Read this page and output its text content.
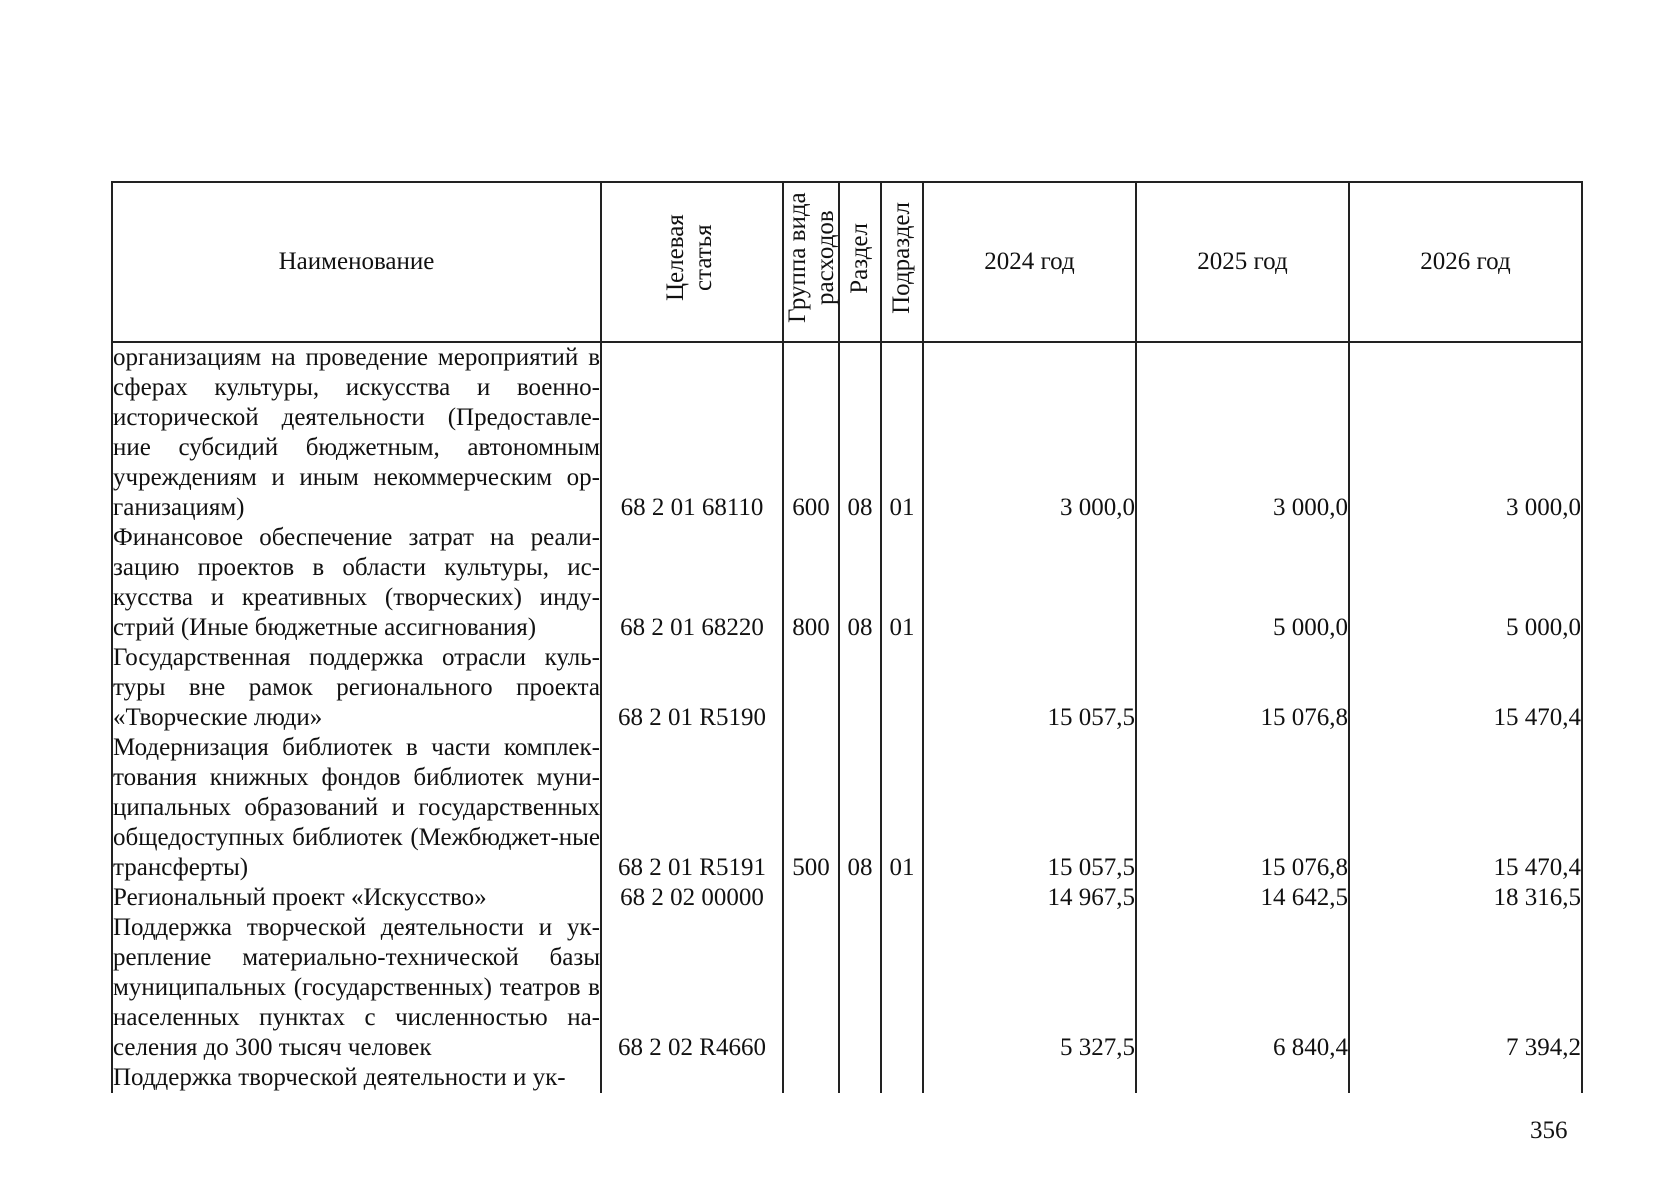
Наименование	Целевая статья	Группа вида расходов	Раздел	Подраздел	2024 год	2025 год	2026 год
организациям на проведение мероприятий в сферах культуры, искусства и военно-исторической деятельности (Предоставле-ние субсидий бюджетным, автономным учреждениям и иным некоммерческим ор-ганизациям)	68 2 01 68110	600	08	01	3 000,0	3 000,0	3 000,0
Финансовое обеспечение затрат на реали-зацию проектов в области культуры, ис-кусства и креативных (творческих) инду-стрий (Иные бюджетные ассигнования)	68 2 01 68220	800	08	01		5 000,0	5 000,0
Государственная поддержка отрасли куль-туры вне рамок регионального проекта «Творческие люди»	68 2 01 R5190				15 057,5	15 076,8	15 470,4
Модернизация библиотек в части комплек-тования книжных фондов библиотек муни-ципальных образований и государственных общедоступных библиотек (Межбюджет-ные трансферты)	68 2 01 R5191	500	08	01	15 057,5	15 076,8	15 470,4
Региональный проект «Искусство»	68 2 02 00000				14 967,5	14 642,5	18 316,5
Поддержка творческой деятельности и ук-репление материально-технической базы муниципальных (государственных) театров в населенных пунктах с численностью на-селения до 300 тысяч человек	68 2 02 R4660				5 327,5	6 840,4	7 394,2
Поддержка творческой деятельности и ук-							
356
